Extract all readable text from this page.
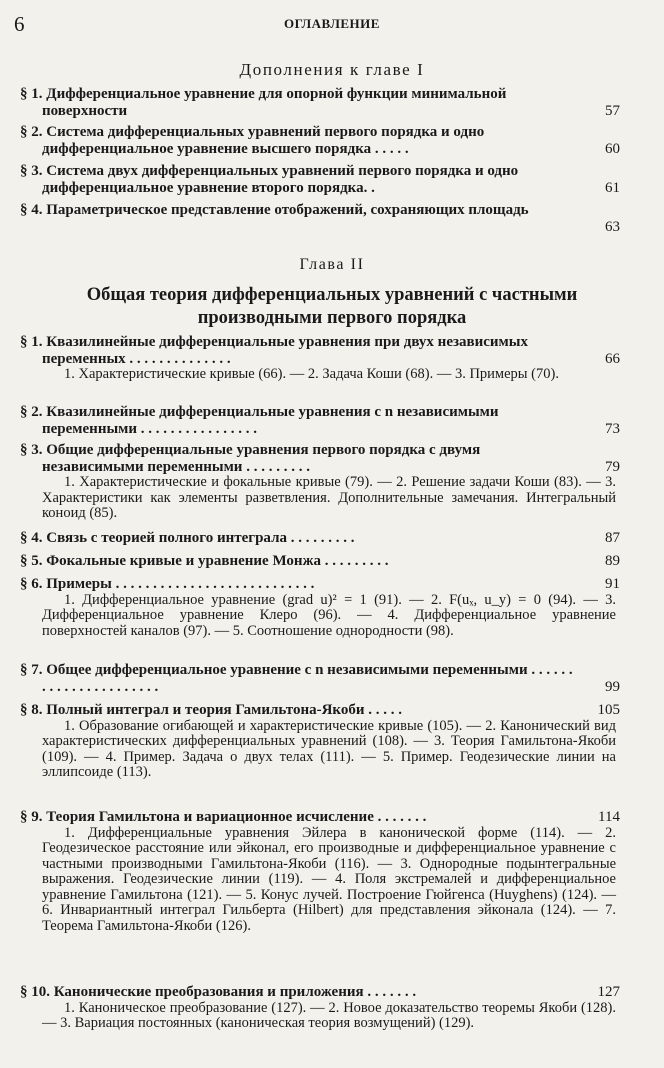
6	ОГЛАВЛЕНИЕ
Дополнения к главе I
§ 1. Дифференциальное уравнение для опорной функции минимальной поверхности	57
§ 2. Система дифференциальных уравнений первого порядка и одно дифференциальное уравнение высшего порядка . . . . .	60
§ 3. Система двух дифференциальных уравнений первого порядка и одно дифференциальное уравнение второго порядка. .	61
§ 4. Параметрическое представление отображений, сохраняющих площадь
63
Глава II
Общая теория дифференциальных уравнений с частными производными первого порядка
§ 1. Квазилинейные дифференциальные уравнения при двух независимых переменных . . . . . . . . . . . . . .	66
1. Характеристические кривые (66). — 2. Задача Коши (68). — 3. Примеры (70).
§ 2. Квазилинейные дифференциальные уравнения с n независимыми переменными . . . . . . . . . . . . . . . .	73
§ 3. Общие дифференциальные уравнения первого порядка с двумя независимыми переменными . . . . . . . . .	79
1. Характеристические и фокальные кривые (79). — 2. Решение задачи Коши (83). — 3. Характеристики как элементы разветвления. Дополнительные замечания. Интегральный коноид (85).
§ 4. Связь с теорией полного интеграла . . . . . . . . .	87
§ 5. Фокальные кривые и уравнение Монжа . . . . . . . . .	89
§ 6. Примеры . . . . . . . . . . . . . . . . . . . . . . . . . . .	91
1. Дифференциальное уравнение (grad u)² = 1 (91). — 2. F(uₓ, u_y) = 0 (94). — 3. Дифференциальное уравнение Клеро (96). — 4. Дифференциальное уравнение поверхностей каналов (97). — 5. Соотношение однородности (98).
§ 7. Общее дифференциальное уравнение с n независимыми переменными . . . . . . . . . . . . . . . . . . . . . .	99
§ 8. Полный интеграл и теория Гамильтона-Якоби . . . . .	105
1. Образование огибающей и характеристические кривые (105). — 2. Канонический вид характеристических дифференциальных уравнений (108). — 3. Теория Гамильтона-Якоби (109). — 4. Пример. Задача о двух телах (111). — 5. Пример. Геодезические линии на эллипсоиде (113).
§ 9. Теория Гамильтона и вариационное исчисление . . . . . . .	114
1. Дифференциальные уравнения Эйлера в канонической форме (114). — 2. Геодезическое расстояние или эйконал, его производные и дифференциальное уравнение с частными производными Гамильтона-Якоби (116). — 3. Однородные подынтегральные выражения. Геодезические линии (119). — 4. Поля экстремалей и дифференциальное уравнение Гамильтона (121). — 5. Конус лучей. Построение Гюйгенса (Huyghens) (124). — 6. Инвариантный интеграл Гильберта (Hilbert) для представления эйконала (124). — 7. Теорема Гамильтона-Якоби (126).
§ 10. Канонические преобразования и приложения . . . . . . .	127
1. Каноническое преобразование (127). — 2. Новое доказательство теоремы Якоби (128). — 3. Вариация постоянных (каноническая теория возмущений) (129).
